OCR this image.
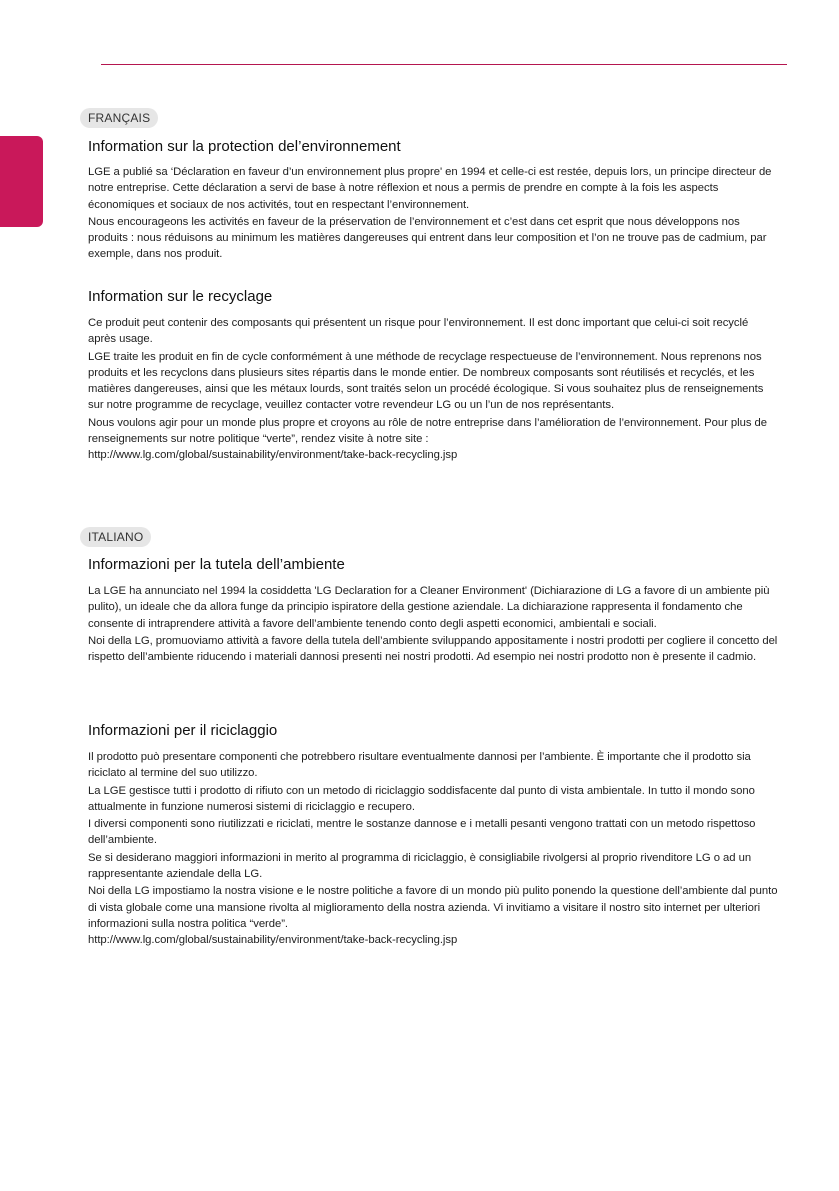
FRANÇAIS
Information sur la protection del’environnement

LGE a publié sa ‘Déclaration en faveur d’un environnement plus propre' en 1994 et celle-ci est restée, depuis lors, un principe directeur de notre entreprise. Cette déclaration a servi de base à notre réflexion et nous a permis de prendre en compte à la fois les aspects économiques et sociaux de nos activités, tout en respectant l’environnement.

Nous encourageons les activités en faveur de la préservation de l’environnement et c’est dans cet esprit que nous développons nos produits : nous réduisons au minimum les matières dangereuses qui entrent dans leur composition et l’on ne trouve pas de cadmium, par exemple, dans nos produit.

Information sur le recyclage

Ce produit peut contenir des composants qui présentent un risque pour l’environnement. Il est donc important que celui-ci soit recyclé après usage.

LGE traite les produit en fin de cycle conformément à une méthode de recyclage respectueuse de l’environnement. Nous reprenons nos produits et les recyclons dans plusieurs sites répartis dans le monde entier. De nombreux composants sont réutilisés et recyclés, et les matières dangereuses, ainsi que les métaux lourds, sont traités selon un procédé écologique. Si vous souhaitez plus de renseignements sur notre programme de recyclage, veuillez contacter votre revendeur LG ou un l’un de nos représentants.

Nous voulons agir pour un monde plus propre et croyons au rôle de notre entreprise dans l’amélioration de l’environnement. Pour plus de renseignements sur notre politique “verte”, rendez visite à notre site :

http://www.lg.com/global/sustainability/environment/take-back-recycling.jsp

ITALIANO
Informazioni per la tutela dell’ambiente

La LGE ha annunciato nel 1994 la cosiddetta 'LG Declaration for a Cleaner Environment' (Dichiarazione di LG a favore di un ambiente più pulito), un ideale che da allora funge da principio ispiratore della gestione aziendale. La dichiarazione rappresenta il fondamento che consente di intraprendere attività a favore dell’ambiente tenendo conto degli aspetti economici, ambientali e sociali.

Noi della LG, promuoviamo attività a favore della tutela dell’ambiente sviluppando appositamente i nostri prodotti per cogliere il concetto del rispetto dell’ambiente riducendo i materiali dannosi presenti nei nostri prodotti. Ad esempio nei nostri prodotto non è presente il cadmio.

Informazioni per il riciclaggio

Il prodotto può presentare componenti che potrebbero risultare eventualmente dannosi per l’ambiente. È importante che il prodotto sia riciclato al termine del suo utilizzo.

La LGE gestisce tutti i prodotto di rifiuto con un metodo di riciclaggio soddisfacente dal punto di vista ambientale. In tutto il mondo sono attualmente in funzione numerosi sistemi di riciclaggio e recupero.

I diversi componenti sono riutilizzati e riciclati, mentre le sostanze dannose e i metalli pesanti vengono trattati con un metodo rispettoso dell’ambiente.

Se si desiderano maggiori informazioni in merito al programma di riciclaggio, è consigliabile rivolgersi al proprio rivenditore LG o ad un rappresentante aziendale della LG.

Noi della LG impostiamo la nostra visione e le nostre politiche a favore di un mondo più pulito ponendo la questione dell’ambiente dal punto di vista globale come una mansione rivolta al miglioramento della nostra azienda. Vi invitiamo a visitare il nostro sito internet per ulteriori informazioni sulla nostra politica “verde”.

http://www.lg.com/global/sustainability/environment/take-back-recycling.jsp
